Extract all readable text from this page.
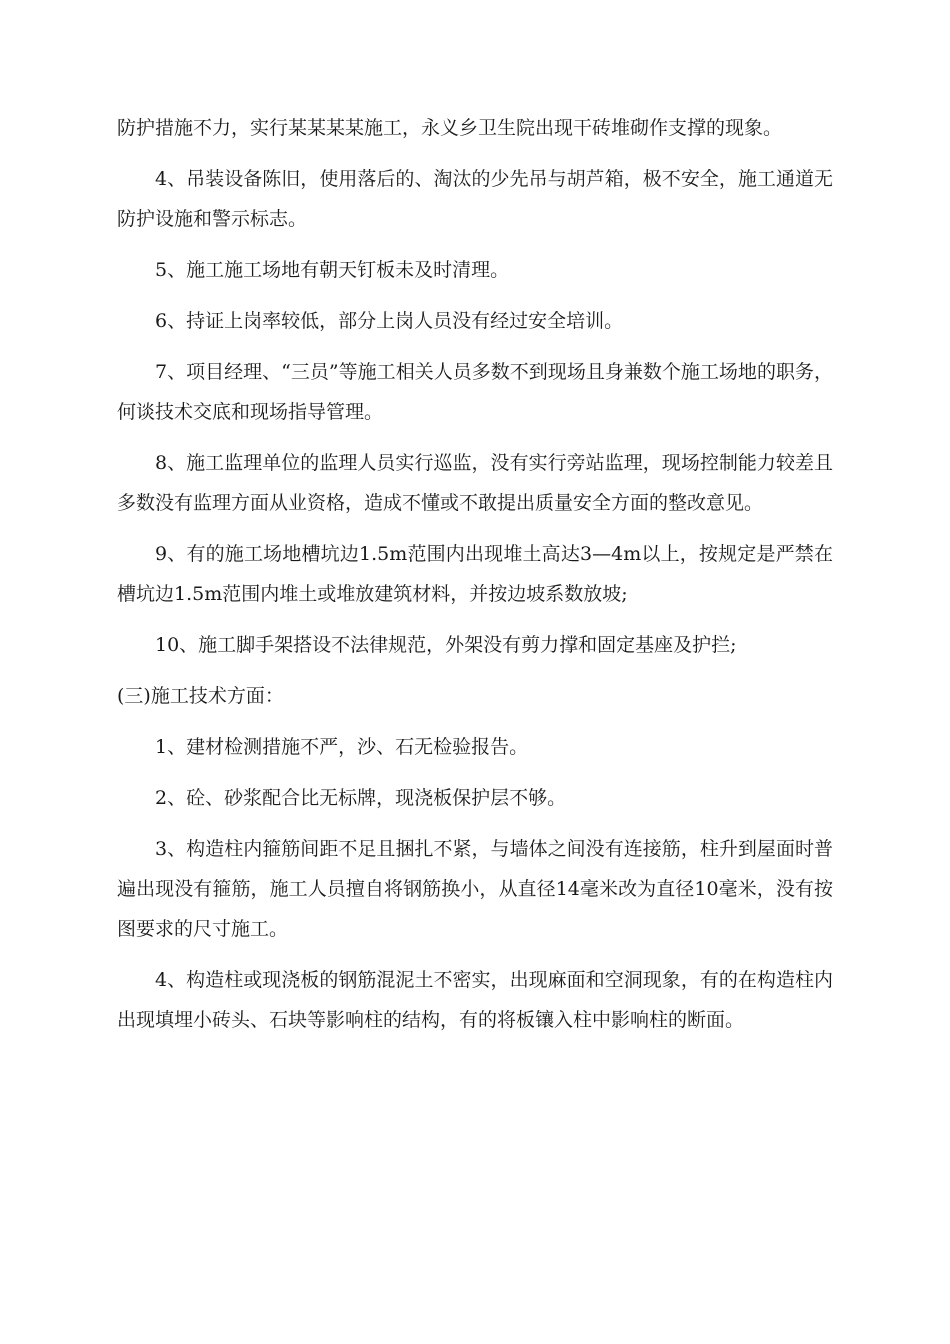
防护措施不力，实行某某某某施工，永义乡卫生院出现干砖堆砌作支撑的现象。

4、吊装设备陈旧，使用落后的、淘汰的少先吊与胡芦箱，极不安全，施工通道无防护设施和警示标志。

5、施工施工场地有朝天钉板未及时清理。

6、持证上岗率较低，部分上岗人员没有经过安全培训。

7、项目经理、“三员”等施工相关人员多数不到现场且身兼数个施工场地的职务，何谈技术交底和现场指导管理。

8、施工监理单位的监理人员实行巡监，没有实行旁站监理，现场控制能力较差且多数没有监理方面从业资格，造成不懂或不敢提出质量安全方面的整改意见。

9、有的施工场地槽坑边1.5m范围内出现堆土高达3—4m以上，按规定是严禁在槽坑边1.5m范围内堆土或堆放建筑材料，并按边坡系数放坡;

10、施工脚手架搭设不法律规范，外架没有剪力撑和固定基座及护拦;

(三)施工技术方面：

1、建材检测措施不严，沙、石无检验报告。

2、砼、砂浆配合比无标牌，现浇板保护层不够。

3、构造柱内箍筋间距不足且捆扎不紧，与墙体之间没有连接筋，柱升到屋面时普遍出现没有箍筋，施工人员擅自将钢筋换小，从直径14毫米改为直径10毫米，没有按图要求的尺寸施工。

4、构造柱或现浇板的钢筋混泥土不密实，出现麻面和空洞现象，有的在构造柱内出现填埋小砖头、石块等影响柱的结构，有的将板镶入柱中影响柱的断面。
